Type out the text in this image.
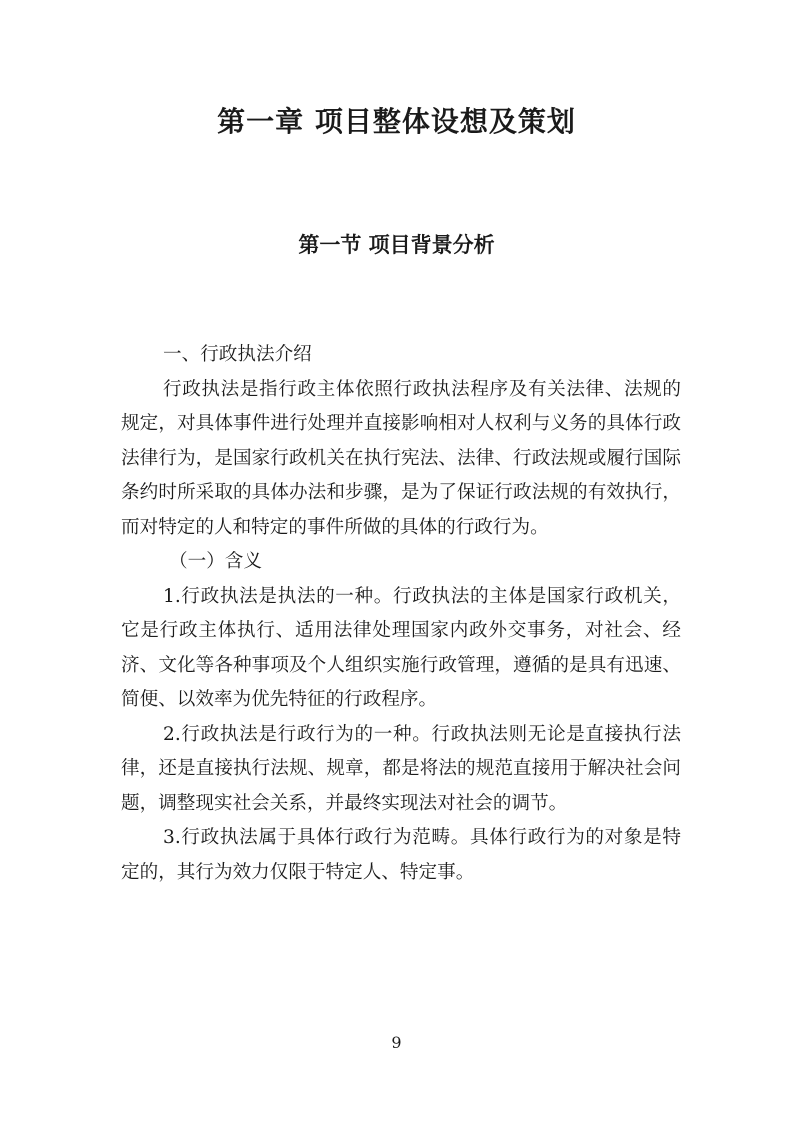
第一章 项目整体设想及策划
第一节 项目背景分析

一、行政执法介绍

行政执法是指行政主体依照行政执法程序及有关法律、法规的规定，对具体事件进行处理并直接影响相对人权利与义务的具体行政法律行为，是国家行政机关在执行宪法、法律、行政法规或履行国际条约时所采取的具体办法和步骤，是为了保证行政法规的有效执行，而对特定的人和特定的事件所做的具体的行政行为。

（一）含义

1.行政执法是执法的一种。行政执法的主体是国家行政机关，它是行政主体执行、适用法律处理国家内政外交事务，对社会、经济、文化等各种事项及个人组织实施行政管理，遵循的是具有迅速、简便、以效率为优先特征的行政程序。

2.行政执法是行政行为的一种。行政执法则无论是直接执行法律，还是直接执行法规、规章，都是将法的规范直接用于解决社会问题，调整现实社会关系，并最终实现法对社会的调节。

3.行政执法属于具体行政行为范畴。具体行政行为的对象是特定的，其行为效力仅限于特定人、特定事。

9
